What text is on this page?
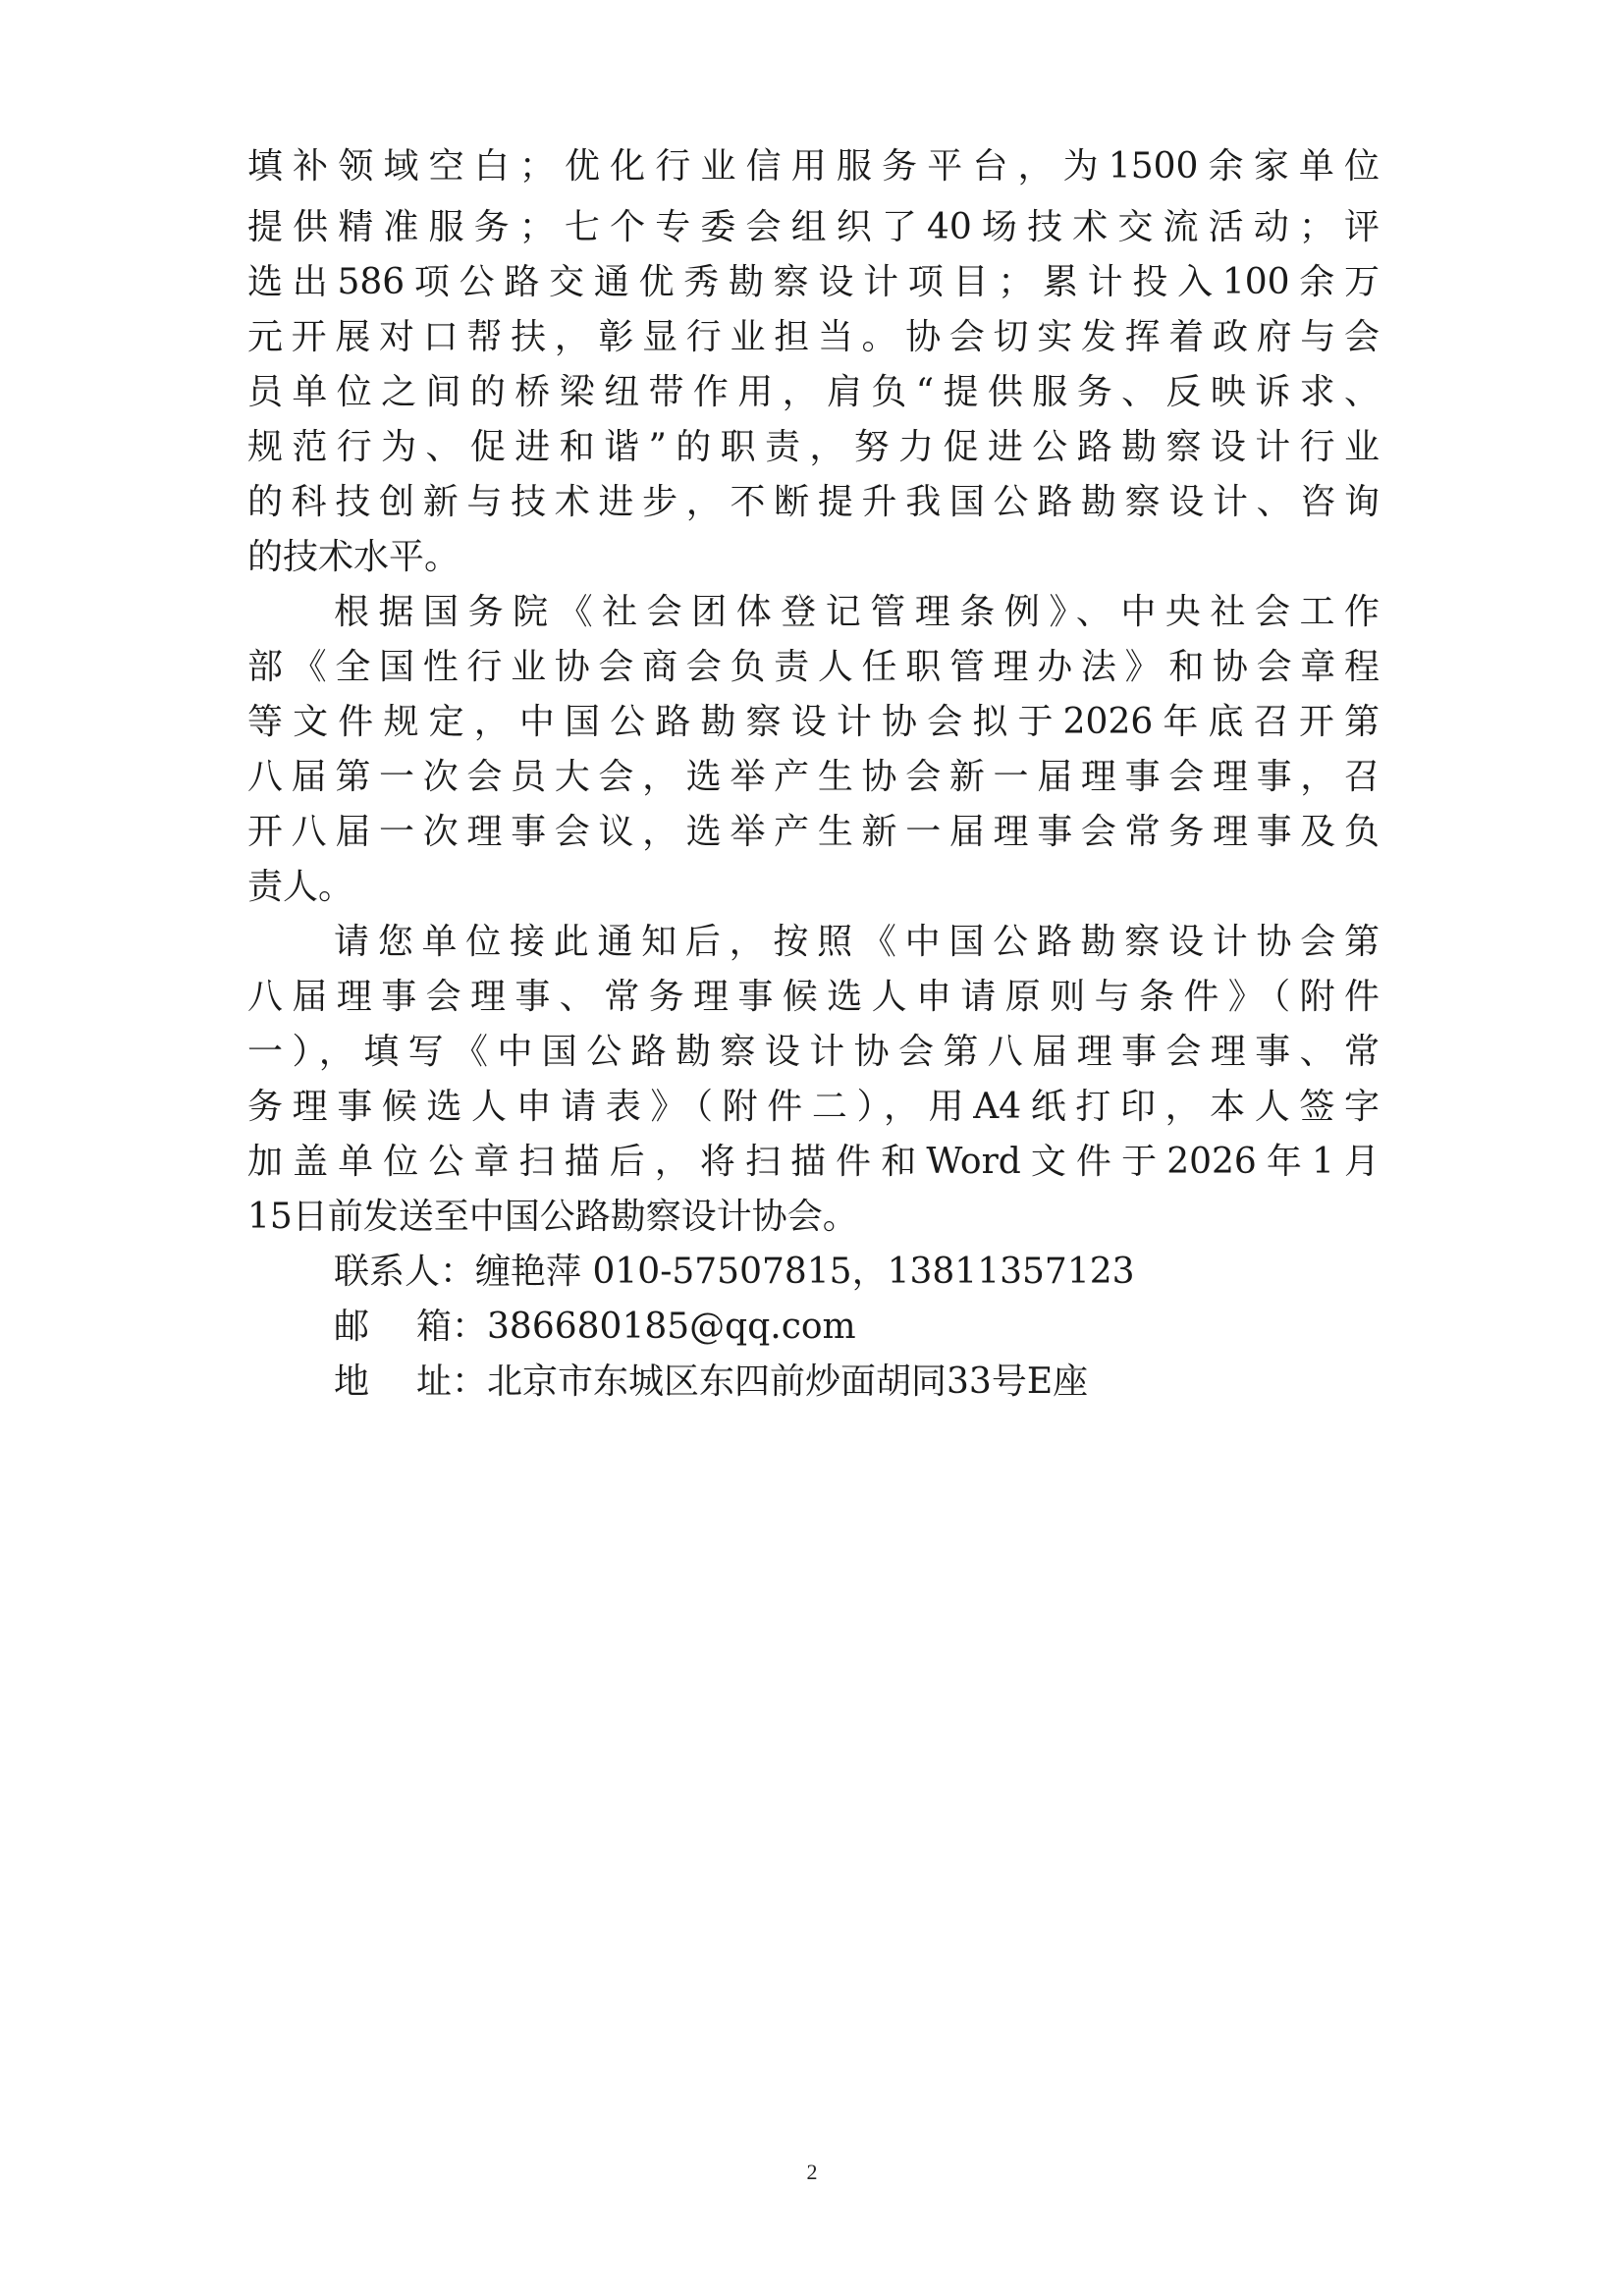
填补领域空白；优化行业信用服务平台，为1500余家单位
提供精准服务；七个专委会组织了40场技术交流活动；评
选出586项公路交通优秀勘察设计项目；累计投入100余万
元开展对口帮扶，彰显行业担当。协会切实发挥着政府与会
员单位之间的桥梁纽带作用，肩负“提供服务、反映诉求、
规范行为、促进和谐”的职责，努力促进公路勘察设计行业
的科技创新与技术进步，不断提升我国公路勘察设计、咨询
的技术水平。
根据国务院《社会团体登记管理条例》、中央社会工作
部《全国性行业协会商会负责人任职管理办法》和协会章程
等文件规定，中国公路勘察设计协会拟于2026年底召开第
八届第一次会员大会，选举产生协会新一届理事会理事，召
开八届一次理事会议，选举产生新一届理事会常务理事及负
责人。
请您单位接此通知后，按照《中国公路勘察设计协会第
八届理事会理事、常务理事候选人申请原则与条件》（附件
一），填写《中国公路勘察设计协会第八届理事会理事、常
务理事候选人申请表》（附件二），用A4纸打印，本人签字
加盖单位公章扫描后，将扫描件和Word文件于2026年1月
15日前发送至中国公路勘察设计协会。
联系人：缠艳萍 010-57507815，13811357123
邮箱：386680185@qq.com
地址：北京市东城区东四前炒面胡同33号E座
2
